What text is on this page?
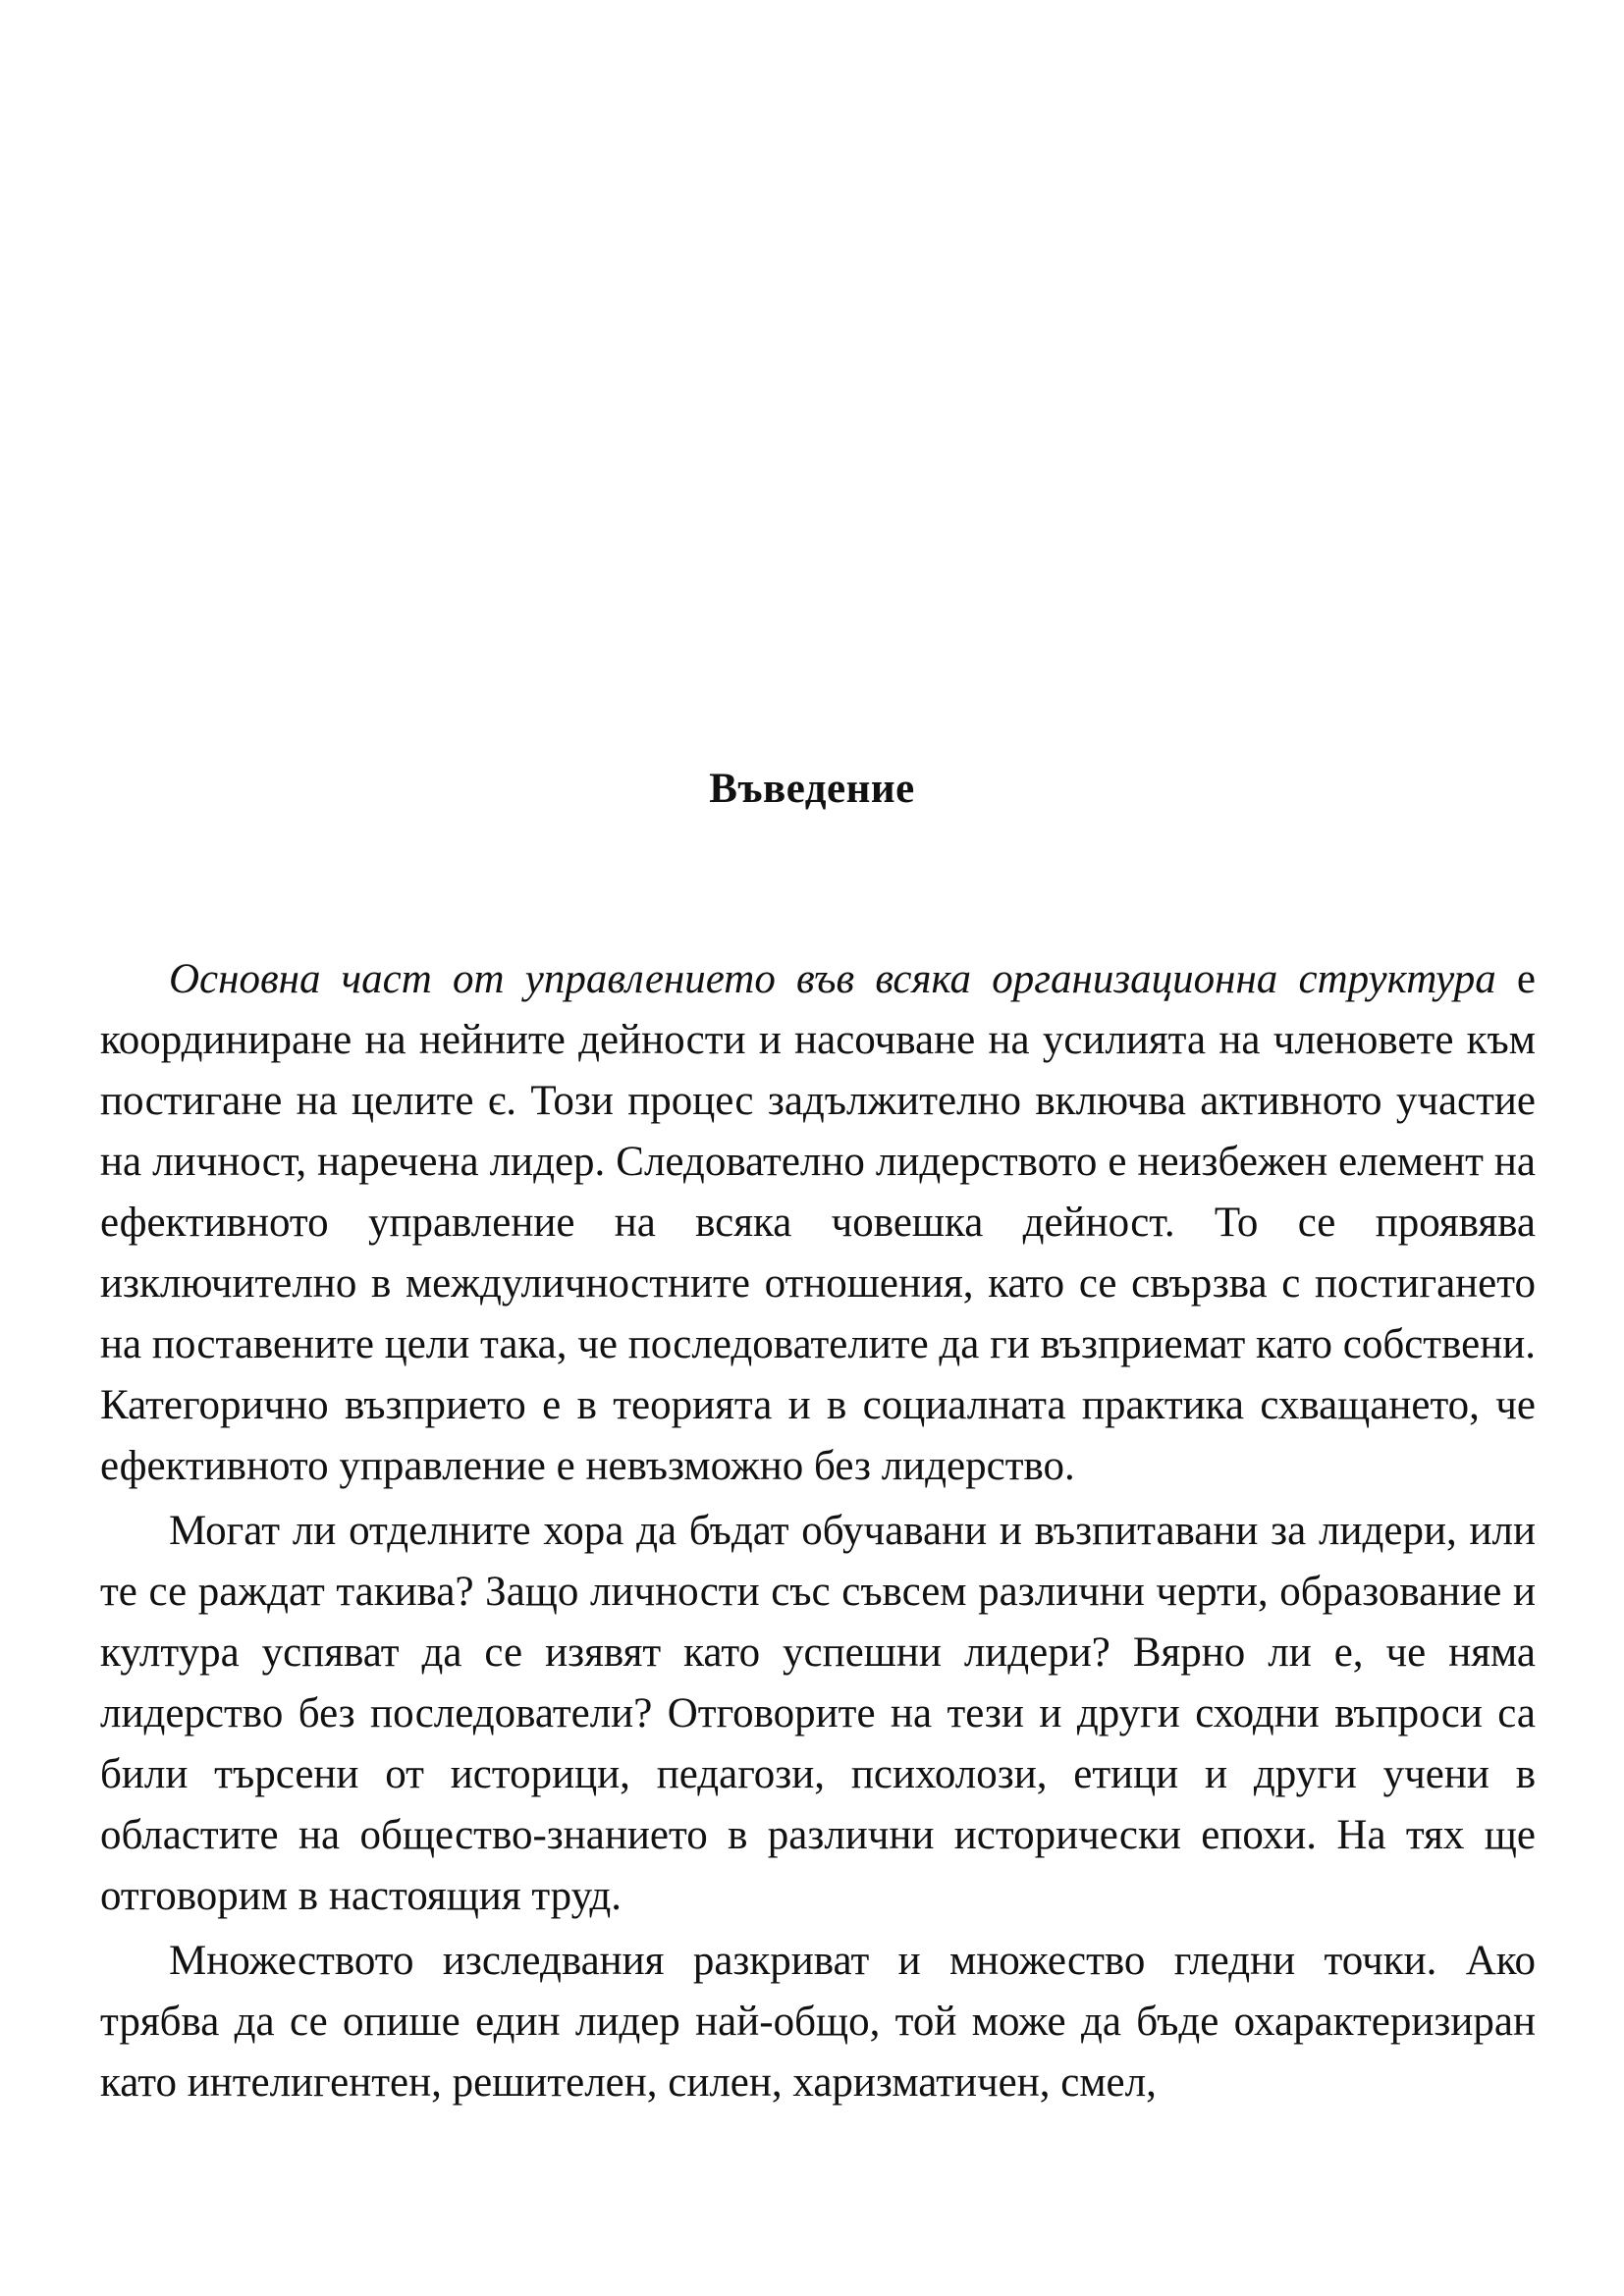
Въведение

Основна част от управлението във всяка организационна структура е координиране на нейните дейности и насочване на усилията на членовете към постигане на целите є. Този процес задължително включва активното участие на личност, наречена лидер. Следователно лидерството е неизбежен елемент на ефективното управление на всяка човешка дейност. То се проявява изключително в междуличностните отношения, като се свързва с постигането на поставените цели така, че последователите да ги възприемат като собствени. Категорично възприето е в теорията и в социалната практика схващането, че ефективното управление е невъзможно без лидерство.

Могат ли отделните хора да бъдат обучавани и възпитавани за лидери, или те се раждат такива? Защо личности със съвсем различни черти, образование и култура успяват да се изявят като успешни лидери? Вярно ли е, че няма лидерство без последователи? Отговорите на тези и други сходни въпроси са били търсени от историци, педагози, психолози, етици и други учени в областите на общество-знанието в различни исторически епохи. На тях ще отговорим в настоящия труд.

Множеството изследвания разкриват и множество гледни точки. Ако трябва да се опише един лидер най-общо, той може да бъде охарактеризиран като интелигентен, решителен, силен, харизматичен, смел,
